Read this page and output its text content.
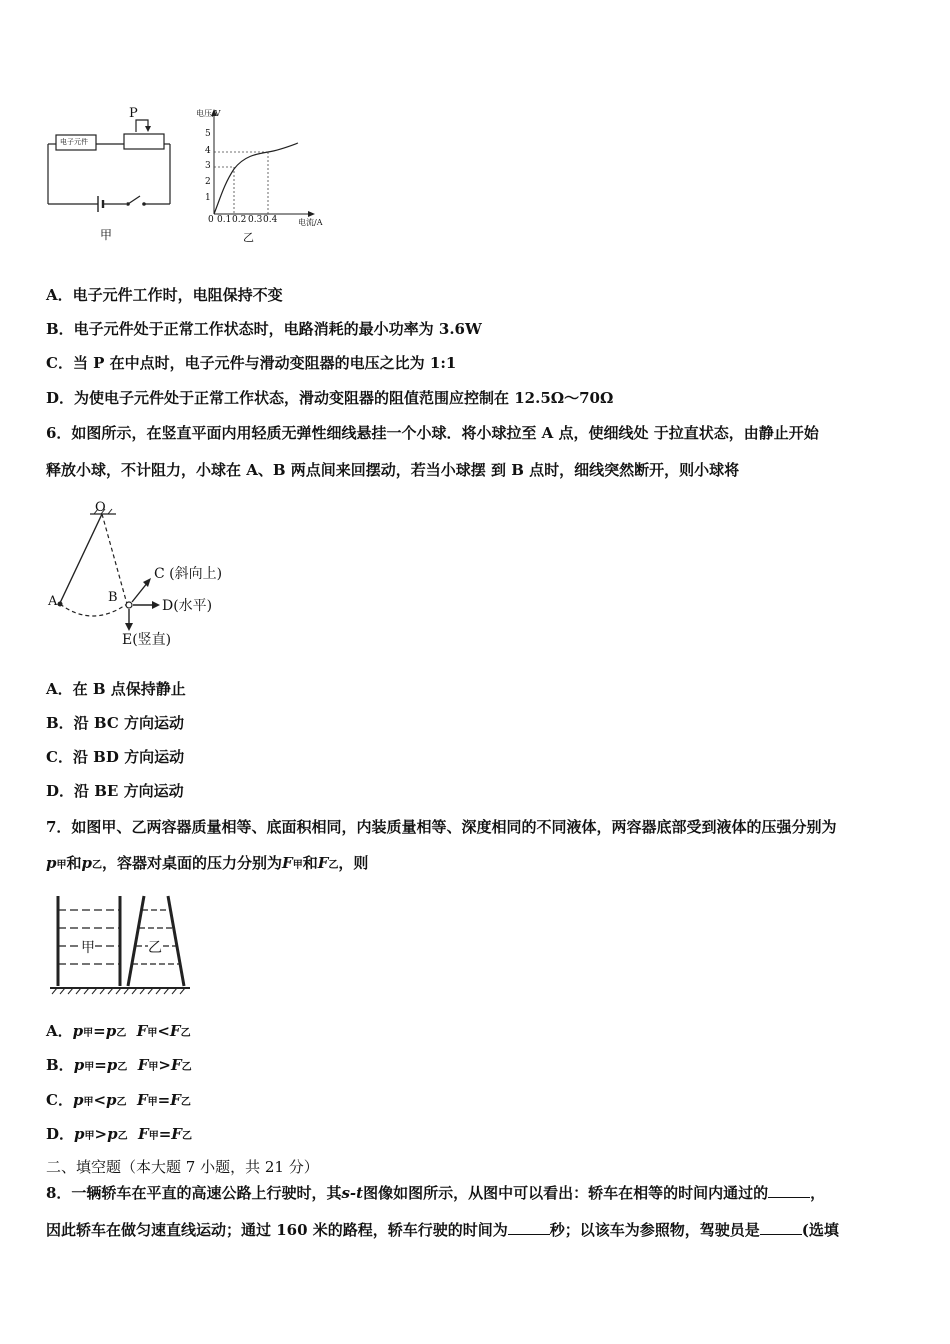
电子元件
P
甲
电压/V
5
4
3
2
1
0 0.1 0.2 0.3 0.4	电流/A
乙
A．电子元件工作时，电阻保持不变
B．电子元件处于正常工作状态时，电路消耗的最小功率为 3.6W
C．当 P 在中点时，电子元件与滑动变阻器的电压之比为 1:1
D．为使电子元件处于正常工作状态，滑动变阻器的阻值范围应控制在 12.5Ω～70Ω
6．如图所示，在竖直平面内用轻质无弹性细线悬挂一个小球．将小球拉至 A 点，使细线处 于拉直状态，由静止开始
释放小球，不计阻力，小球在 A、B 两点间来回摆动，若当小球摆 到 B 点时，细线突然断开，则小球将
O
A	B
C (斜向上)
D(水平)
E(竖直)
A．在 B 点保持静止
B．沿 BC 方向运动
C．沿 BD 方向运动
D．沿 BE 方向运动
7．如图甲、乙两容器质量相等、底面积相同，内装质量相等、深度相同的不同液体，两容器底部受到液体的压强分别为
p甲和p乙，容器对桌面的压力分别为F甲和F乙，则
甲	乙
A．p甲=p乙 F甲<F乙
B．p甲=p乙 F甲>F乙
C．p甲<p乙 F甲=F乙
D．p甲>p乙 F甲=F乙
二、填空题（本大题 7 小题，共 21 分）
8．一辆轿车在平直的高速公路上行驶时，其s-t图像如图所示，从图中可以看出：轿车在相等的时间内通过的	，
因此轿车在做匀速直线运动；通过 160 米的路程，轿车行驶的时间为	秒；以该车为参照物，驾驶员是	(选填
